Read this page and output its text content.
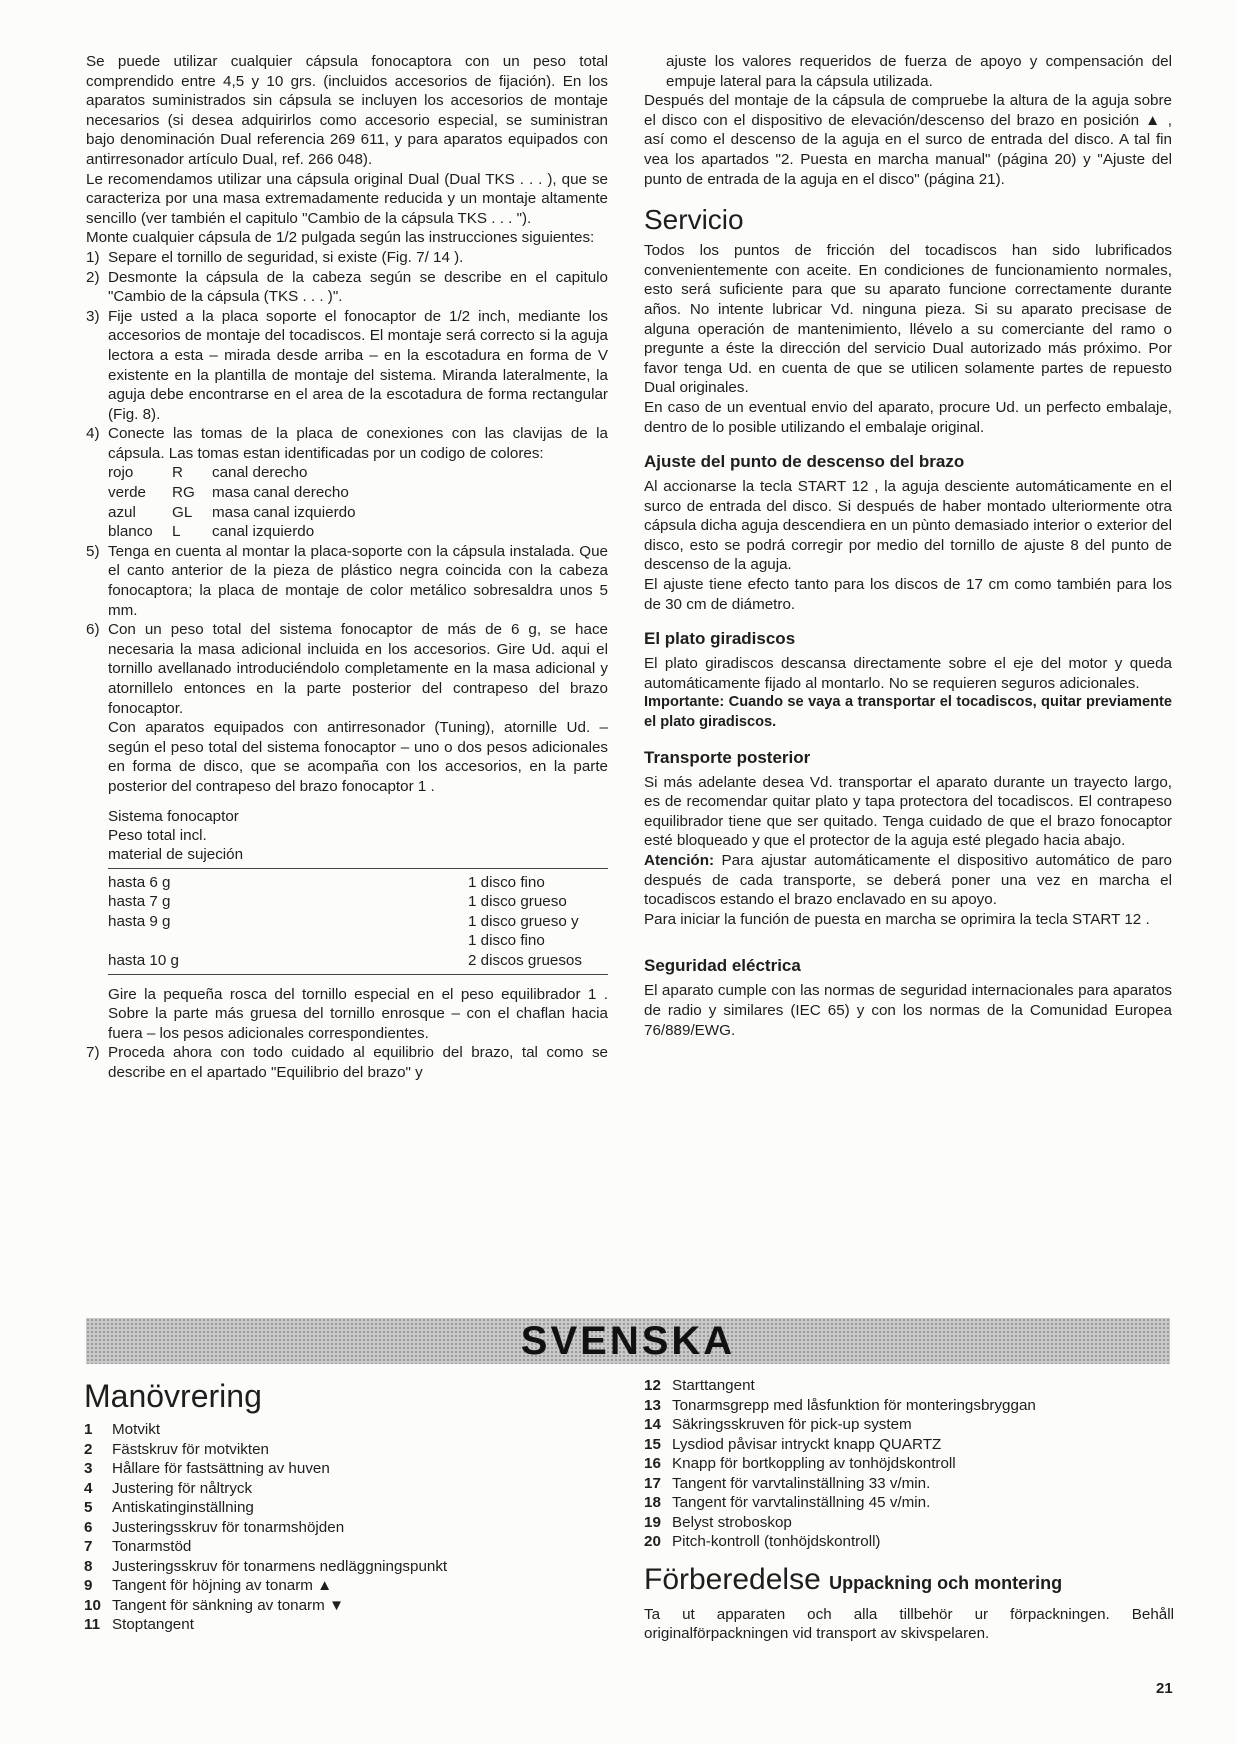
Se puede utilizar cualquier cápsula fonocaptora con un peso total comprendido entre 4,5 y 10 grs. (incluidos accesorios de fijación). En los aparatos suministrados sin cápsula se incluyen los accesorios de montaje necesarios (si desea adquirirlos como accesorio especial, se suministran bajo denominación Dual referencia 269 611, y para aparatos equipados con antirresonador artículo Dual, ref. 266 048).

Le recomendamos utilizar una cápsula original Dual (Dual TKS . . . ), que se caracteriza por una masa extremadamente reducida y un montaje altamente sencillo (ver también el capitulo "Cambio de la cápsula TKS . . . ").

Monte cualquier cápsula de 1/2 pulgada según las instrucciones siguientes:

1) Separe el tornillo de seguridad, si existe (Fig. 7/ 14 ).
2) Desmonte la cápsula de la cabeza según se describe en el capitulo "Cambio de la cápsula (TKS . . . )".
3) Fije usted a la placa soporte el fonocaptor de 1/2 inch, mediante los accesorios de montaje del tocadiscos. El montaje será correcto si la aguja lectora a esta – mirada desde arriba – en la escotadura en forma de V existente en la plantilla de montaje del sistema. Miranda lateralmente, la aguja debe encontrarse en el area de la escotadura de forma rectangular (Fig. 8).
4) Conecte las tomas de la placa de conexiones con las clavijas de la cápsula. Las tomas estan identificadas por un codigo de colores:
rojo	R	canal derecho
verde	RG	masa canal derecho
azul	GL	masa canal izquierdo
blanco	L	canal izquierdo
5) Tenga en cuenta al montar la placa-soporte con la cápsula instalada. Que el canto anterior de la pieza de plástico negra coincida con la cabeza fonocaptora; la placa de montaje de color metálico sobresaldra unos 5 mm.
6) Con un peso total del sistema fonocaptor de más de 6 g, se hace necesaria la masa adicional incluida en los accesorios. Gire Ud. aqui el tornillo avellanado introduciéndolo completamente en la masa adicional y atornillelo entonces en la parte posterior del contrapeso del brazo fonocaptor.
Con aparatos equipados con antirresonador (Tuning), atornille Ud. – según el peso total del sistema fonocaptor – uno o dos pesos adicionales en forma de disco, que se acompaña con los accesorios, en la parte posterior del contrapeso del brazo fonocaptor 1 .
Sistema fonocaptor
Peso total incl.
material de sujeción
hasta 6 g	1 disco fino
hasta 7 g	1 disco grueso
hasta 9 g	1 disco grueso y
1 disco fino
hasta 10 g	2 discos gruesos
Gire la pequeña rosca del tornillo especial en el peso equilibrador 1 . Sobre la parte más gruesa del tornillo enrosque – con el chaflan hacia fuera – los pesos adicionales correspondientes.
7) Proceda ahora con todo cuidado al equilibrio del brazo, tal como se describe en el apartado "Equilibrio del brazo" y

ajuste los valores requeridos de fuerza de apoyo y compensación del empuje lateral para la cápsula utilizada.

Después del montaje de la cápsula de compruebe la altura de la aguja sobre el disco con el dispositivo de elevación/descenso del brazo en posición ▲ , así como el descenso de la aguja en el surco de entrada del disco. A tal fin vea los apartados "2. Puesta en marcha manual" (página 20) y "Ajuste del punto de entrada de la aguja en el disco" (página 21).

Servicio

Todos los puntos de fricción del tocadiscos han sido lubrificados convenientemente con aceite. En condiciones de funcionamiento normales, esto será suficiente para que su aparato funcione correctamente durante años. No intente lubricar Vd. ninguna pieza. Si su aparato precisase de alguna operación de mantenimiento, llévelo a su comerciante del ramo o pregunte a éste la dirección del servicio Dual autorizado más próximo. Por favor tenga Ud. en cuenta de que se utilicen solamente partes de repuesto Dual originales.

En caso de un eventual envio del aparato, procure Ud. un perfecto embalaje, dentro de lo posible utilizando el embalaje original.

Ajuste del punto de descenso del brazo

Al accionarse la tecla START 12 , la aguja desciente automáticamente en el surco de entrada del disco. Si después de haber montado ulteriormente otra cápsula dicha aguja descendiera en un pùnto demasiado interior o exterior del disco, esto se podrá corregir por medio del tornillo de ajuste 8 del punto de descenso de la aguja.

El ajuste tiene efecto tanto para los discos de 17 cm como también para los de 30 cm de diámetro.

El plato giradiscos

El plato giradiscos descansa directamente sobre el eje del motor y queda automáticamente fijado al montarlo. No se requieren seguros adicionales.

Importante: Cuando se vaya a transportar el tocadiscos, quitar previamente el plato giradiscos.

Transporte posterior

Si más adelante desea Vd. transportar el aparato durante un trayecto largo, es de recomendar quitar plato y tapa protectora del tocadiscos. El contrapeso equilibrador tiene que ser quitado. Tenga cuidado de que el brazo fonocaptor esté bloqueado y que el protector de la aguja esté plegado hacia abajo.

Atención: Para ajustar automáticamente el dispositivo automático de paro después de cada transporte, se deberá poner una vez en marcha el tocadiscos estando el brazo enclavado en su apoyo.

Para iniciar la función de puesta en marcha se oprimira la tecla START 12 .

Seguridad eléctrica

El aparato cumple con las normas de seguridad internacionales para aparatos de radio y similares (IEC 65) y con los normas de la Comunidad Europea 76/889/EWG.

SVENSKA
Manövrering
1	Motvikt
2	Fästskruv för motvikten
3	Hållare för fastsättning av huven
4	Justering för nåltryck
5	Antiskatinginställning
6	Justeringsskruv för tonarmshöjden
7	Tonarmstöd
8	Justeringsskruv för tonarmens nedläggningspunkt
9	Tangent för höjning av tonarm ▲
10 Tangent för sänkning av tonarm ▼
11 Stoptangent
12 Starttangent
13 Tonarmsgrepp med låsfunktion för monteringsbryggan
14 Säkringsskruven för pick-up system
15 Lysdiod påvisar intryckt knapp QUARTZ
16 Knapp för bortkoppling av tonhöjdskontroll
17 Tangent för varvtalinställning 33 v/min.
18 Tangent för varvtalinställning 45 v/min.
19 Belyst stroboskop
20 Pitch-kontroll (tonhöjdskontroll)
Förberedelse Uppackning och montering

Ta ut apparaten och alla tillbehör ur förpackningen. Behåll originalförpackningen vid transport av skivspelaren.

21
